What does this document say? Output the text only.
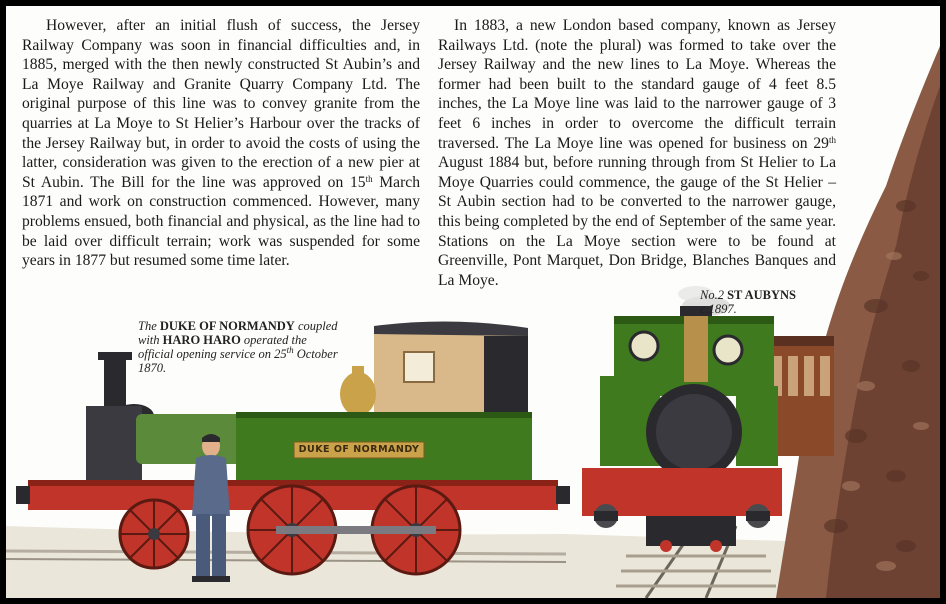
However, after an initial flush of success, the Jersey Railway Company was soon in financial difficulties and, in 1885, merged with the then newly constructed St Aubin’s and La Moye Railway and Granite Quarry Company Ltd. The original purpose of this line was to convey granite from the quarries at La Moye to St Helier’s Harbour over the tracks of the Jersey Railway but, in order to avoid the costs of using the latter, consideration was given to the erection of a new pier at St Aubin. The Bill for the line was approved on 15th March 1871 and work on construction commenced. However, many problems ensued, both financial and physical, as the line had to be laid over difficult terrain; work was suspended for some years in 1877 but resumed some time later.

In 1883, a new London based company, known as Jersey Railways Ltd. (note the plural) was formed to take over the Jersey Railway and the new lines to La Moye. Whereas the former had been built to the standard gauge of 4 feet 8.5 inches, the La Moye line was laid to the narrower gauge of 3 feet 6 inches in order to overcome the difficult terrain traversed. The La Moye line was opened for business on 29th August 1884 but, before running through from St Helier to La Moye Quarries could commence, the gauge of the St Helier – St Aubin section had to be converted to the narrower gauge, this being completed by the end of September of the same year. Stations on the La Moye section were to be found at Greenville, Pont Marquet, Don Bridge, Blanches Banques and La Moye.

The DUKE OF NORMANDY coupled with HARO HARO operated the official opening service on 25th October 1870.
No.2 ST AUBYNS
c.1897.
DUKE OF NORMANDY
